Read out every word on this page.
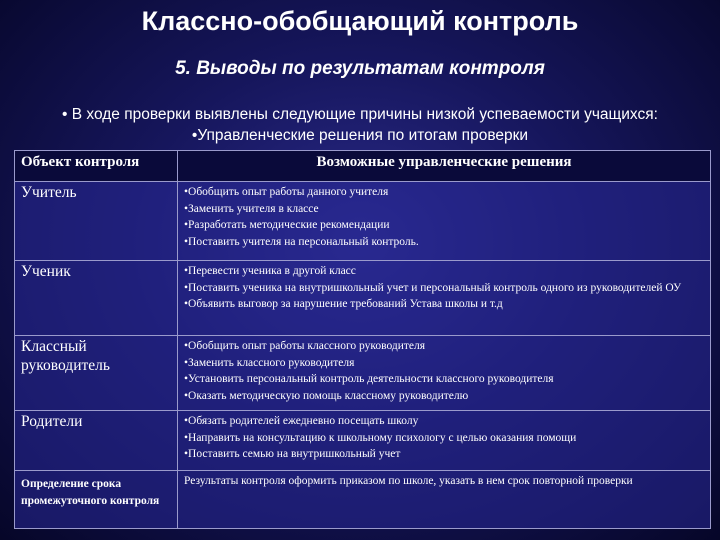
Классно-обобщающий контроль
5. Выводы по результатам контроля
• В ходе проверки выявлены следующие причины низкой успеваемости учащихся:
•Управленческие решения по итогам проверки
Объект контроля	Возможные управленческие решения
Учитель	•Обобщить опыт работы данного учителя
•Заменить учителя в классе
•Разработать методические рекомендации
•Поставить учителя на персональный контроль.

Ученик	•Перевести ученика в другой класс
•Поставить ученика на внутришкольный учет и персональный контроль одного из руководителей ОУ
•Объявить выговор за нарушение требований Устава школы и т.д

Классный руководитель	•Обобщить опыт работы классного руководителя
•Заменить классного руководителя
•Установить персональный контроль деятельности классного руководителя
•Оказать методическую помощь классному руководителю

Родители	•Обязать родителей ежедневно посещать школу
•Направить на консультацию к школьному психологу с целью оказания помощи
•Поставить семью на внутришкольный учет

Определение срока промежуточного контроля	Результаты контроля оформить приказом по школе, указать в нем срок повторной проверки
